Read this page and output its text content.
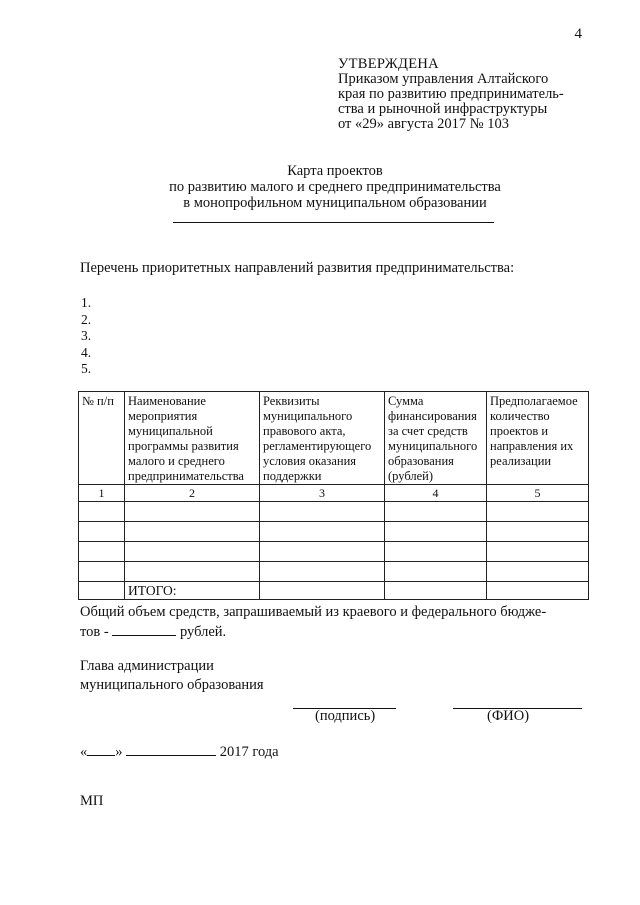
4
УТВЕРЖДЕНА
Приказом управления Алтайского
края по развитию предприниматель-
ства и рыночной инфраструктуры
от «29» августа 2017 № 103
Карта проектов
по развитию малого и среднего предпринимательства
в монопрофильном муниципальном образовании
Перечень приоритетных направлений развития предпринимательства:
1.
2.
3.
4.
5.
№ п/п	Наименование мероприятия муниципальной программы развития малого и среднего предпринимательства	Реквизиты муниципального правового акта, регламентирующего условия оказания поддержки	Сумма финансирования за счет средств муниципального образования (рублей)	Предполагаемое количество проектов и направления их реализации
1	2	3	4	5

	ИТОГО:			
Общий объем средств, запрашиваемый из краевого и федерального бюдже-
тов -	рублей.
Глава администрации
муниципального образования
(подпись)	(ФИО)
« »	2017 года
МП
